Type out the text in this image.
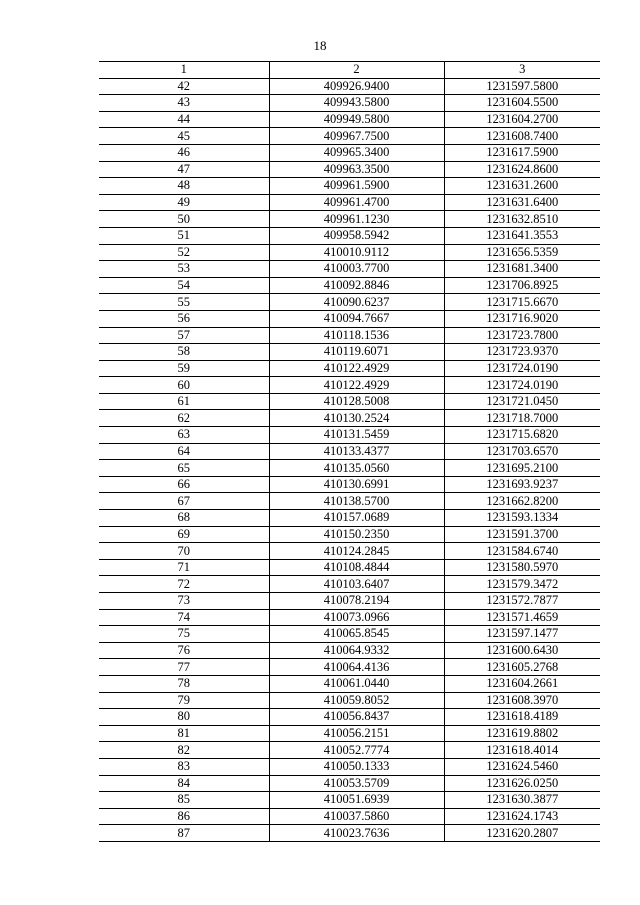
18
1	2	3
42	409926.9400	1231597.5800
43	409943.5800	1231604.5500
44	409949.5800	1231604.2700
45	409967.7500	1231608.7400
46	409965.3400	1231617.5900
47	409963.3500	1231624.8600
48	409961.5900	1231631.2600
49	409961.4700	1231631.6400
50	409961.1230	1231632.8510
51	409958.5942	1231641.3553
52	410010.9112	1231656.5359
53	410003.7700	1231681.3400
54	410092.8846	1231706.8925
55	410090.6237	1231715.6670
56	410094.7667	1231716.9020
57	410118.1536	1231723.7800
58	410119.6071	1231723.9370
59	410122.4929	1231724.0190
60	410122.4929	1231724.0190
61	410128.5008	1231721.0450
62	410130.2524	1231718.7000
63	410131.5459	1231715.6820
64	410133.4377	1231703.6570
65	410135.0560	1231695.2100
66	410130.6991	1231693.9237
67	410138.5700	1231662.8200
68	410157.0689	1231593.1334
69	410150.2350	1231591.3700
70	410124.2845	1231584.6740
71	410108.4844	1231580.5970
72	410103.6407	1231579.3472
73	410078.2194	1231572.7877
74	410073.0966	1231571.4659
75	410065.8545	1231597.1477
76	410064.9332	1231600.6430
77	410064.4136	1231605.2768
78	410061.0440	1231604.2661
79	410059.8052	1231608.3970
80	410056.8437	1231618.4189
81	410056.2151	1231619.8802
82	410052.7774	1231618.4014
83	410050.1333	1231624.5460
84	410053.5709	1231626.0250
85	410051.6939	1231630.3877
86	410037.5860	1231624.1743
87	410023.7636	1231620.2807
